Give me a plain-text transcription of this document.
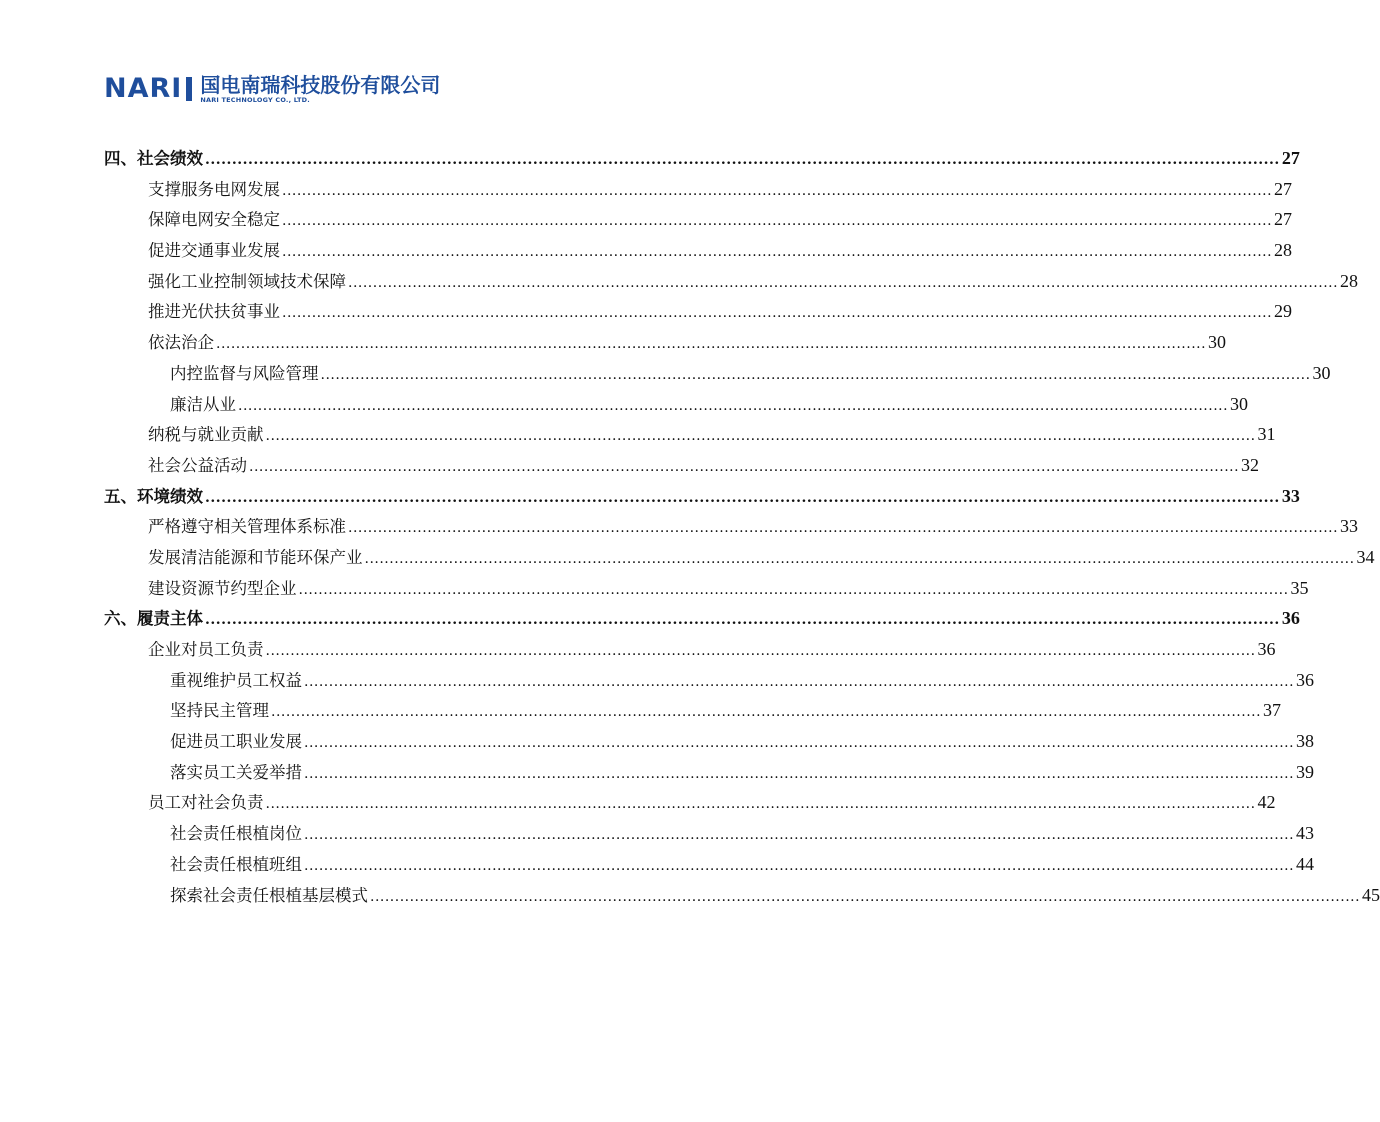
NARI 国电南瑞科技股份有限公司
NARI TECHNOLOGY CO., LTD.
四、社会绩效 ........................................................................................................................................................................................................ 27
支撑服务电网发展 ........................................................................................................................................................................................................ 27
保障电网安全稳定 ........................................................................................................................................................................................................ 27
促进交通事业发展 ........................................................................................................................................................................................................ 28
强化工业控制领域技术保障 ........................................................................................................................................................................................................ 28
推进光伏扶贫事业 ........................................................................................................................................................................................................ 29
依法治企 ........................................................................................................................................................................................................ 30
内控监督与风险管理 ........................................................................................................................................................................................................ 30
廉洁从业 ........................................................................................................................................................................................................ 30
纳税与就业贡献 ........................................................................................................................................................................................................ 31
社会公益活动 ........................................................................................................................................................................................................ 32
五、环境绩效 ........................................................................................................................................................................................................ 33
严格遵守相关管理体系标准 ........................................................................................................................................................................................................ 33
发展清洁能源和节能环保产业 ........................................................................................................................................................................................................ 34
建设资源节约型企业 ........................................................................................................................................................................................................ 35
六、履责主体 ........................................................................................................................................................................................................ 36
企业对员工负责 ........................................................................................................................................................................................................ 36
重视维护员工权益 ........................................................................................................................................................................................................ 36
坚持民主管理 ........................................................................................................................................................................................................ 37
促进员工职业发展 ........................................................................................................................................................................................................ 38
落实员工关爱举措 ........................................................................................................................................................................................................ 39
员工对社会负责 ........................................................................................................................................................................................................ 42
社会责任根植岗位 ........................................................................................................................................................................................................ 43
社会责任根植班组 ........................................................................................................................................................................................................ 44
探索社会责任根植基层模式 ........................................................................................................................................................................................................ 45
